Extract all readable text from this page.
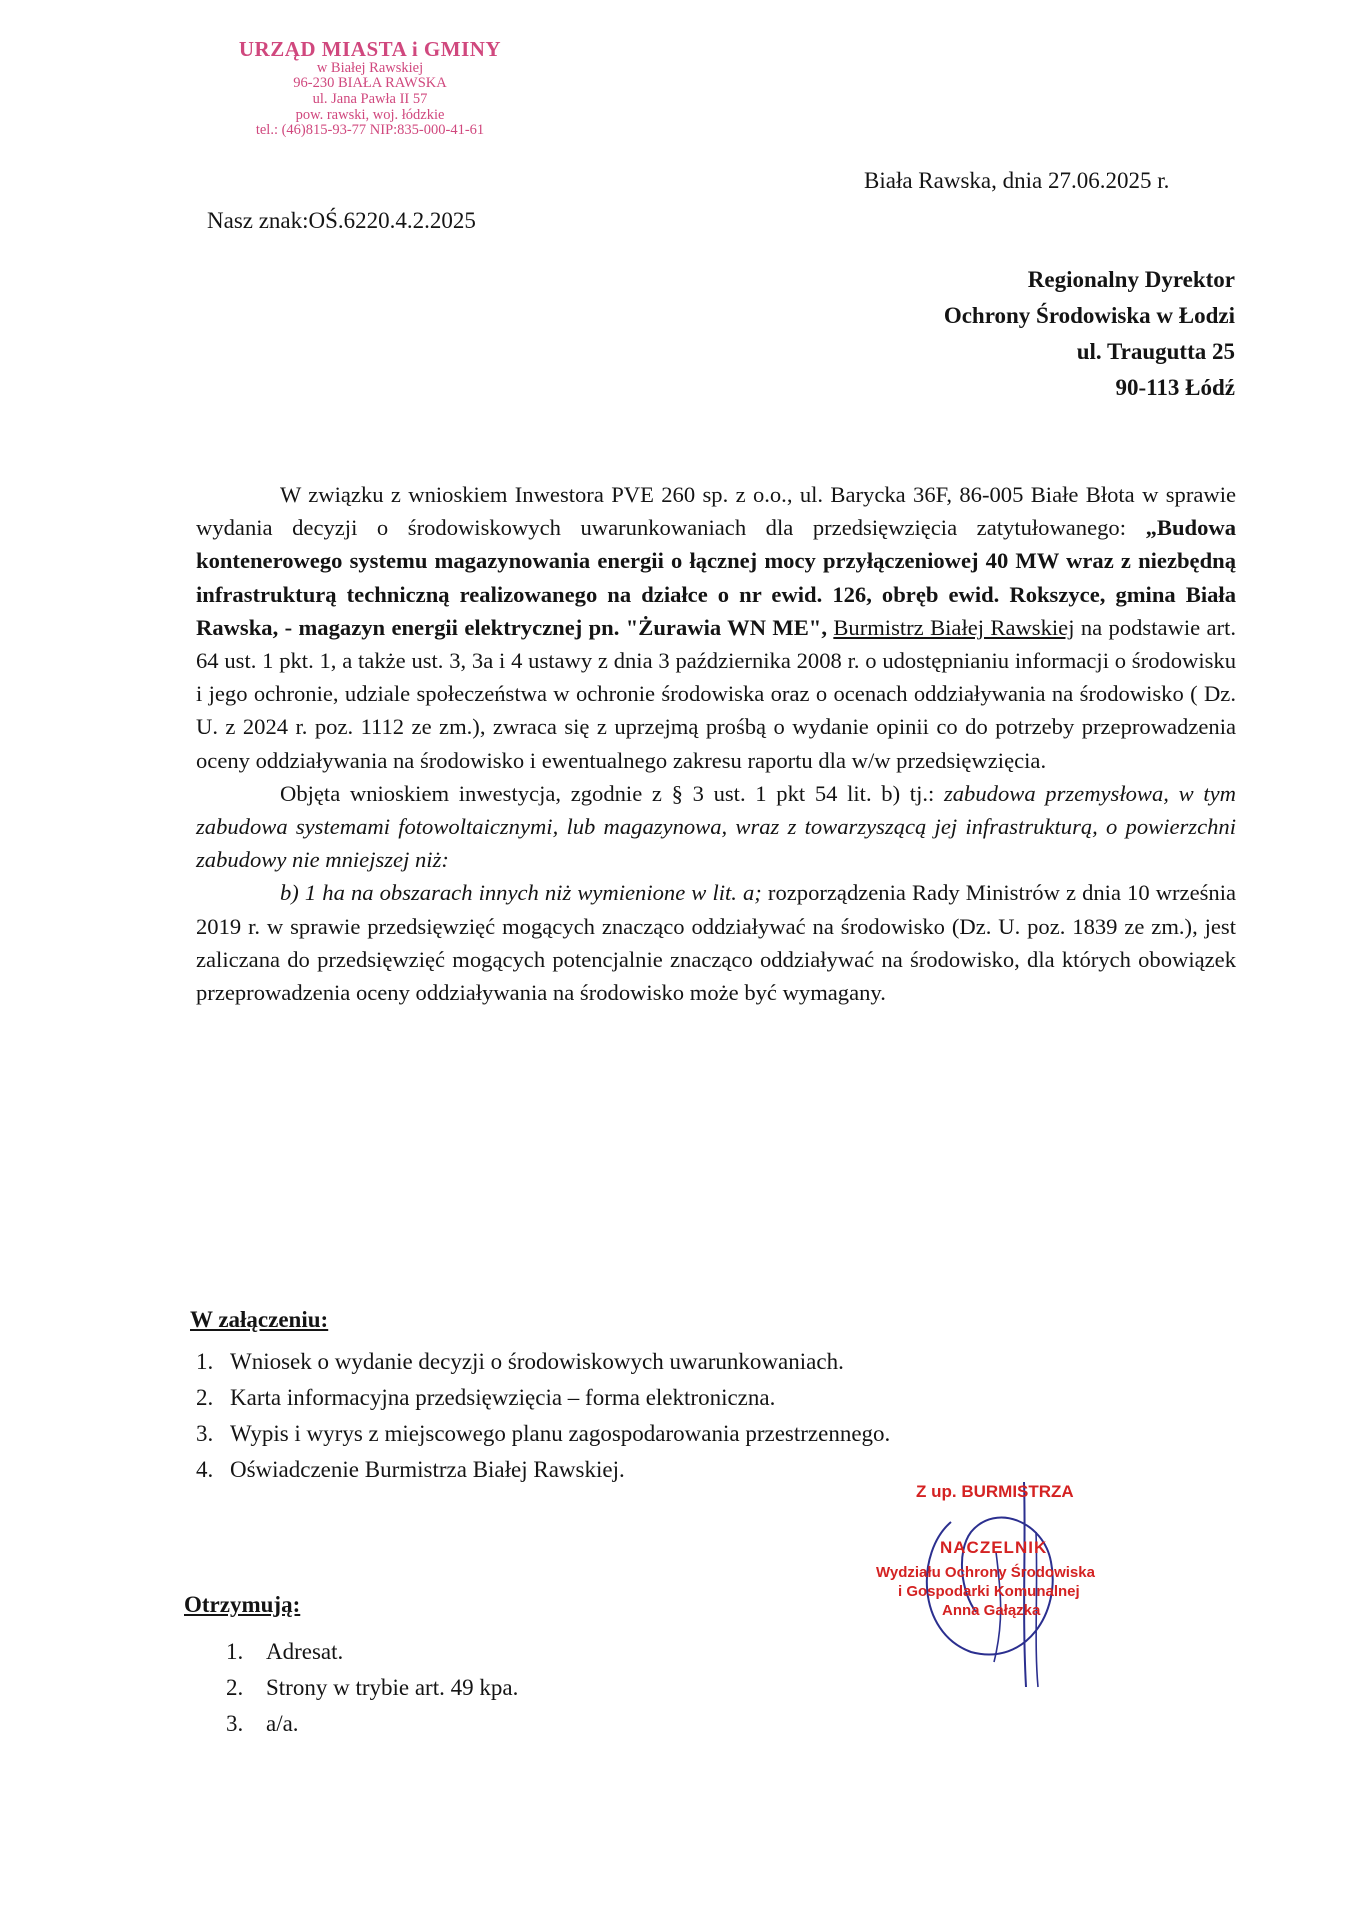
URZĄD MIASTA i GMINY
w Białej Rawskiej
96-230 BIAŁA RAWSKA
ul. Jana Pawła II 57
pow. rawski, woj. łódzkie
tel.: (46)815-93-77 NIP:835-000-41-61
Biała Rawska, dnia 27.06.2025 r.
Nasz znak:OŚ.6220.4.2.2025
Regionalny Dyrektor
Ochrony Środowiska w Łodzi
ul. Traugutta 25
90-113 Łódź

W związku z wnioskiem Inwestora PVE 260 sp. z o.o., ul. Barycka 36F, 86-005 Białe Błota w sprawie wydania decyzji o środowiskowych uwarunkowaniach dla przedsięwzięcia zatytułowanego: „Budowa kontenerowego systemu magazynowania energii o łącznej mocy przyłączeniowej 40 MW wraz z niezbędną infrastrukturą techniczną realizowanego na działce o nr ewid. 126, obręb ewid. Rokszyce, gmina Biała Rawska, - magazyn energii elektrycznej pn. "Żurawia WN ME", Burmistrz Białej Rawskiej na podstawie art. 64 ust. 1 pkt. 1, a także ust. 3, 3a i 4 ustawy z dnia 3 października 2008 r. o udostępnianiu informacji o środowisku i jego ochronie, udziale społeczeństwa w ochronie środowiska oraz o ocenach oddziaływania na środowisko ( Dz. U. z 2024 r. poz. 1112 ze zm.), zwraca się z uprzejmą prośbą o wydanie opinii co do potrzeby przeprowadzenia oceny oddziaływania na środowisko i ewentualnego zakresu raportu dla w/w przedsięwzięcia.

Objęta wnioskiem inwestycja, zgodnie z § 3 ust. 1 pkt 54 lit. b) tj.: zabudowa przemysłowa, w tym zabudowa systemami fotowoltaicznymi, lub magazynowa, wraz z towarzyszącą jej infrastrukturą, o powierzchni zabudowy nie mniejszej niż:

b) 1 ha na obszarach innych niż wymienione w lit. a; rozporządzenia Rady Ministrów z dnia 10 września 2019 r. w sprawie przedsięwzięć mogących znacząco oddziaływać na środowisko (Dz. U. poz. 1839 ze zm.), jest zaliczana do przedsięwzięć mogących potencjalnie znacząco oddziaływać na środowisko, dla których obowiązek przeprowadzenia oceny oddziaływania na środowisko może być wymagany.

W załączeniu:
1. Wniosek o wydanie decyzji o środowiskowych uwarunkowaniach.
2. Karta informacyjna przedsięwzięcia – forma elektroniczna.
3. Wypis i wyrys z miejscowego planu zagospodarowania przestrzennego.
4. Oświadczenie Burmistrza Białej Rawskiej.
Z up. BURMISTRZA
NACZELNIK
Wydziału Ochrony Środowiska
i Gospodarki Komunalnej
Anna Gałązka
Otrzymują:
1. Adresat.
2. Strony w trybie art. 49 kpa.
3. a/a.
